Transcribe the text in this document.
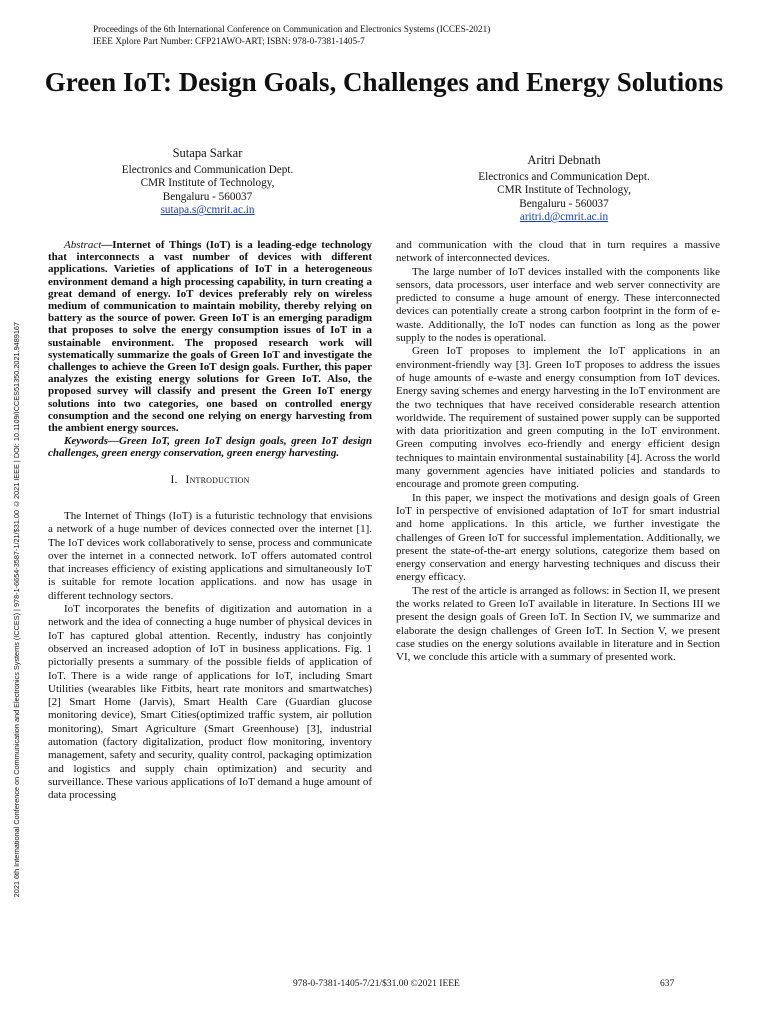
Proceedings of the 6th International Conference on Communication and Electronics Systems (ICCES-2021)
IEEE Xplore Part Number: CFP21AWO-ART; ISBN: 978-0-7381-1405-7
Green IoT: Design Goals, Challenges and Energy Solutions
Sutapa Sarkar
Electronics and Communication Dept.
CMR Institute of Technology,
Bengaluru - 560037
sutapa.s@cmrit.ac.in
Aritri Debnath
Electronics and Communication Dept.
CMR Institute of Technology,
Bengaluru - 560037
aritri.d@cmrit.ac.in
2021 6th International Conference on Communication and Electronics Systems (ICCES) | 978-1-6654-3587-1/21/$31.00 ©2021 IEEE | DOI: 10.1109/ICCES51350.2021.9489167

Abstract—Internet of Things (IoT) is a leading-edge technology that interconnects a vast number of devices with different applications. Varieties of applications of IoT in a heterogeneous environment demand a high processing capability, in turn creating a great demand of energy. IoT devices preferably rely on wireless medium of communication to maintain mobility, thereby relying on battery as the source of power. Green IoT is an emerging paradigm that proposes to solve the energy consumption issues of IoT in a sustainable environment. The proposed research work will systematically summarize the goals of Green IoT and investigate the challenges to achieve the Green IoT design goals. Further, this paper analyzes the existing energy solutions for Green IoT. Also, the proposed survey will classify and present the Green IoT energy solutions into two categories, one based on controlled energy consumption and the second one relying on energy harvesting from the ambient energy sources.

Keywords—Green IoT, green IoT design goals, green IoT design challenges, green energy conservation, green energy harvesting.

I. Introduction

The Internet of Things (IoT) is a futuristic technology that envisions a network of a huge number of devices connected over the internet [1]. The IoT devices work collaboratively to sense, process and communicate over the internet in a connected network. IoT offers automated control that increases efficiency of existing applications and simultaneously IoT is suitable for remote location applications. and now has usage in different technology sectors.

IoT incorporates the benefits of digitization and automation in a network and the idea of connecting a huge number of physical devices in IoT has captured global attention. Recently, industry has conjointly observed an increased adoption of IoT in business applications. Fig. 1 pictorially presents a summary of the possible fields of application of IoT. There is a wide range of applications for IoT, including Smart Utilities (wearables like Fitbits, heart rate monitors and smartwatches) [2] Smart Home (Jarvis), Smart Health Care (Guardian glucose monitoring device), Smart Cities(optimized traffic system, air pollution monitoring), Smart Agriculture (Smart Greenhouse) [3], industrial automation (factory digitalization, product flow monitoring, inventory management, safety and security, quality control, packaging optimization and logistics and supply chain optimization) and security and surveillance. These various applications of IoT demand a huge amount of data processing

and communication with the cloud that in turn requires a massive network of interconnected devices.

The large number of IoT devices installed with the components like sensors, data processors, user interface and web server connectivity are predicted to consume a huge amount of energy. These interconnected devices can potentially create a strong carbon footprint in the form of e-waste. Additionally, the IoT nodes can function as long as the power supply to the nodes is operational.

Green IoT proposes to implement the IoT applications in an environment-friendly way [3]. Green IoT proposes to address the issues of huge amounts of e-waste and energy consumption from IoT devices. Energy saving schemes and energy harvesting in the IoT environment are the two techniques that have received considerable research attention worldwide. The requirement of sustained power supply can be supported with data prioritization and green computing in the IoT environment. Green computing involves eco-friendly and energy efficient design techniques to maintain environmental sustainability [4]. Across the world many government agencies have initiated policies and standards to encourage and promote green computing.

In this paper, we inspect the motivations and design goals of Green IoT in perspective of envisioned adaptation of IoT for smart industrial and home applications. In this article, we further investigate the challenges of Green IoT for successful implementation. Additionally, we present the state-of-the-art energy solutions, categorize them based on energy conservation and energy harvesting techniques and discuss their energy efficacy.

The rest of the article is arranged as follows: in Section II, we present the works related to Green IoT available in literature. In Sections III we present the design goals of Green IoT. In Section IV, we summarize and elaborate the design challenges of Green IoT. In Section V, we present case studies on the energy solutions available in literature and in Section VI, we conclude this article with a summary of presented work.

978-0-7381-1405-7/21/$31.00 ©2021 IEEE	637
